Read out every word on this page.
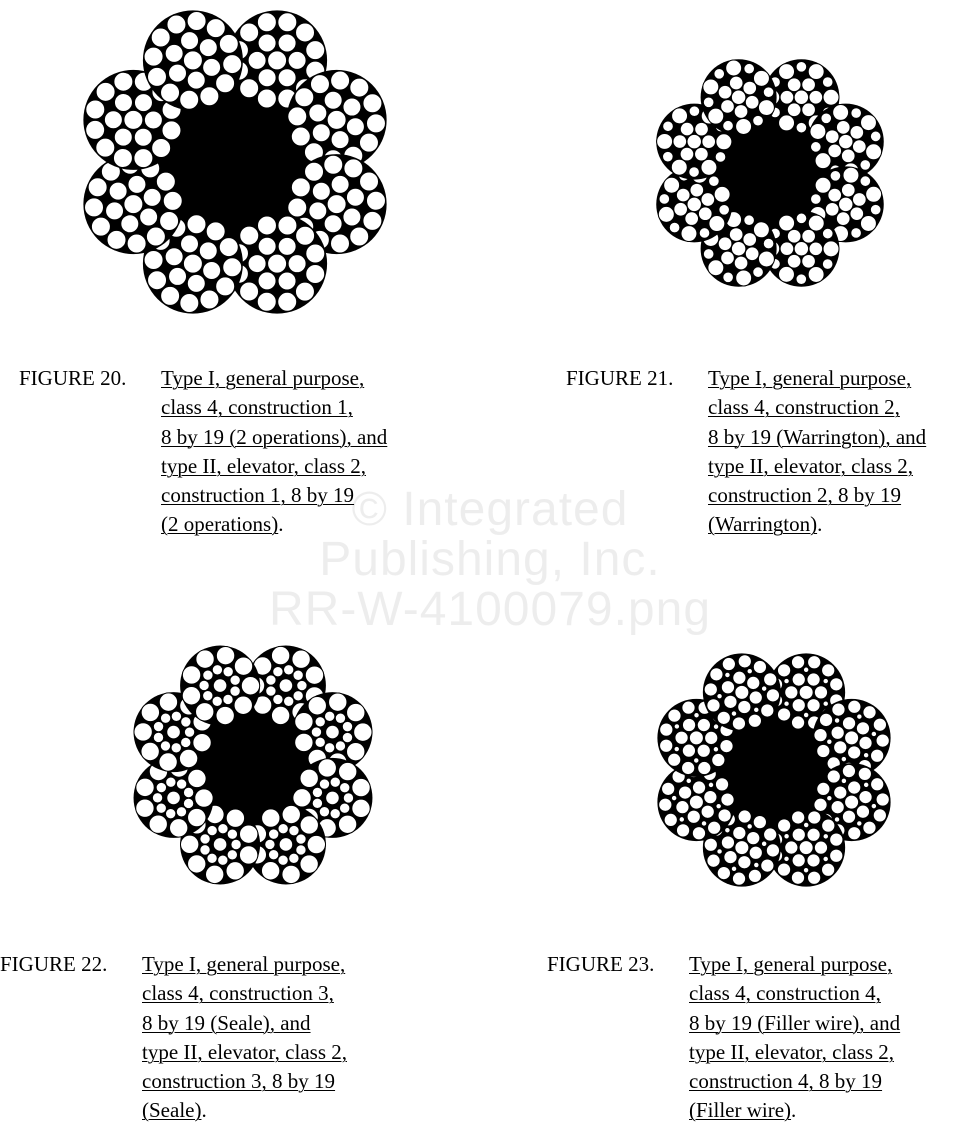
© Integrated
Publishing, Inc.
RR-W-4100079.png
FIGURE 20. Type I, general purpose,
class 4, construction 1,
8 by 19 (2 operations), and
type II, elevator, class 2,
construction 1, 8 by 19
(2 operations).
FIGURE 21. Type I, general purpose,
class 4, construction 2,
8 by 19 (Warrington), and
type II, elevator, class 2,
construction 2, 8 by 19
(Warrington).
FIGURE 22. Type I, general purpose,
class 4, construction 3,
8 by 19 (Seale), and
type II, elevator, class 2,
construction 3, 8 by 19
(Seale).
FIGURE 23. Type I, general purpose,
class 4, construction 4,
8 by 19 (Filler wire), and
type II, elevator, class 2,
construction 4, 8 by 19
(Filler wire).
